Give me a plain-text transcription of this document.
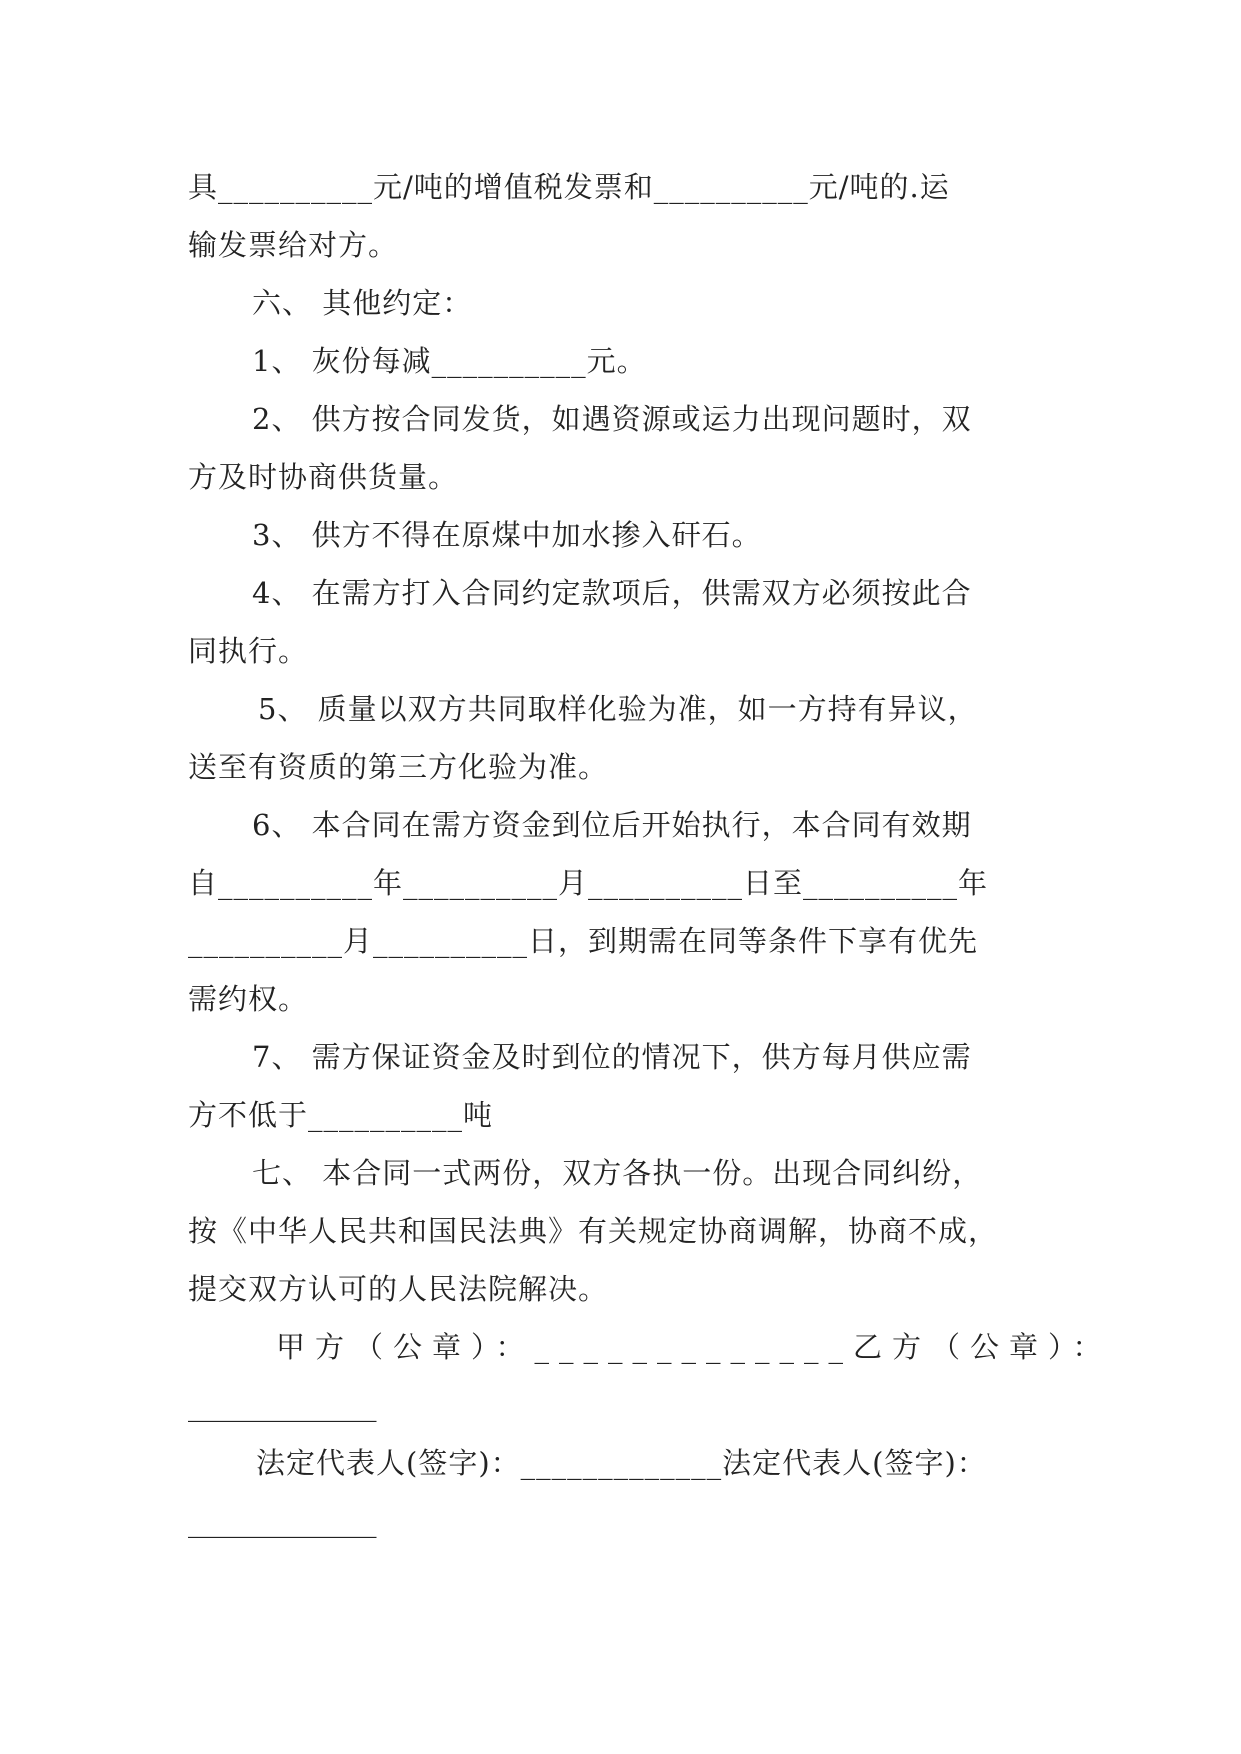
具__________元/吨的增值税发票和__________元/吨的.运
输发票给对方。
六、 其他约定：
1、 灰份每减__________元。
2、 供方按合同发货，如遇资源或运力出现问题时，双
方及时协商供货量。
3、 供方不得在原煤中加水掺入矸石。
4、 在需方打入合同约定款项后，供需双方必须按此合
同执行。
5、 质量以双方共同取样化验为准，如一方持有异议，
送至有资质的第三方化验为准。
6、 本合同在需方资金到位后开始执行，本合同有效期
自__________年__________月__________日至__________年
__________月__________日，到期需在同等条件下享有优先
需约权。
7、 需方保证资金及时到位的情况下，供方每月供应需
方不低于__________吨
七、 本合同一式两份，双方各执一份。出现合同纠纷，
按《中华人民共和国民法典》有关规定协商调解，协商不成，
提交双方认可的人民法院解决。
甲方（公章）：_____________乙方（公章）：
_____________
法定代表人(签字)：_____________法定代表人(签字)：
_____________
